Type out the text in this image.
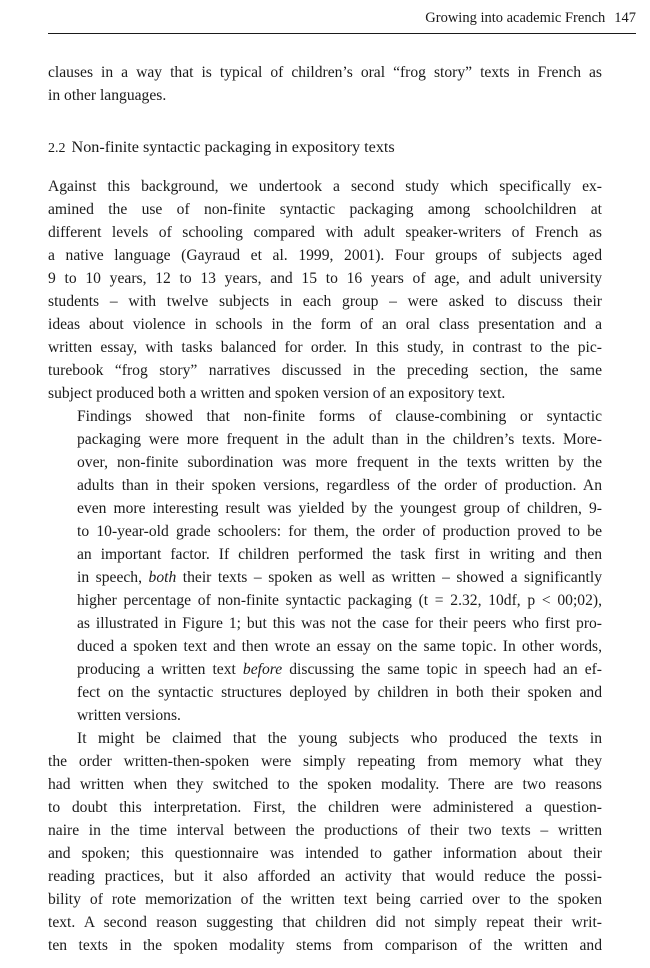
Growing into academic French 147

clauses in a way that is typical of children’s oral “frog story” texts in French as
in other languages.

2.2 Non-finite syntactic packaging in expository texts

Against this background, we undertook a second study which specifically ex-
amined the use of non-finite syntactic packaging among schoolchildren at
different levels of schooling compared with adult speaker-writers of French as
a native language (Gayraud et al. 1999, 2001). Four groups of subjects aged
9 to 10 years, 12 to 13 years, and 15 to 16 years of age, and adult university
students – with twelve subjects in each group – were asked to discuss their
ideas about violence in schools in the form of an oral class presentation and a
written essay, with tasks balanced for order. In this study, in contrast to the pic-
turebook “frog story” narratives discussed in the preceding section, the same
subject produced both a written and spoken version of an expository text.

Findings showed that non-finite forms of clause-combining or syntactic
packaging were more frequent in the adult than in the children’s texts. More-
over, non-finite subordination was more frequent in the texts written by the
adults than in their spoken versions, regardless of the order of production. An
even more interesting result was yielded by the youngest group of children, 9-
to 10-year-old grade schoolers: for them, the order of production proved to be
an important factor. If children performed the task first in writing and then
in speech, both their texts – spoken as well as written – showed a significantly
higher percentage of non-finite syntactic packaging (t = 2.32, 10df, p < 00;02),
as illustrated in Figure 1; but this was not the case for their peers who first pro-
duced a spoken text and then wrote an essay on the same topic. In other words,
producing a written text before discussing the same topic in speech had an ef-
fect on the syntactic structures deployed by children in both their spoken and
written versions.

It might be claimed that the young subjects who produced the texts in
the order written-then-spoken were simply repeating from memory what they
had written when they switched to the spoken modality. There are two reasons
to doubt this interpretation. First, the children were administered a question-
naire in the time interval between the productions of their two texts – written
and spoken; this questionnaire was intended to gather information about their
reading practices, but it also afforded an activity that would reduce the possi-
bility of rote memorization of the written text being carried over to the spoken
text. A second reason suggesting that children did not simply repeat their writ-
ten texts in the spoken modality stems from comparison of the written and
